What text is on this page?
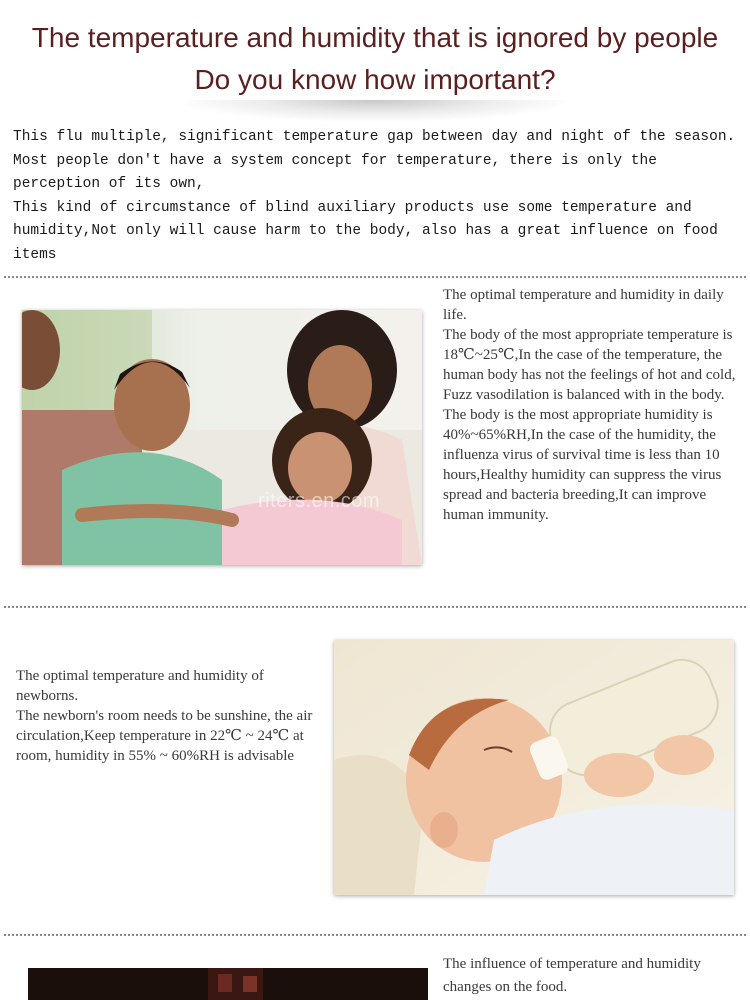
The temperature and humidity that is ignored by people
Do you know how important?

This flu multiple, significant temperature gap between day and night of the season.

Most people don't have a system concept for temperature, there is only the perception of its own,

This kind of circumstance of blind auxiliary products use some temperature and humidity,Not only will cause harm to the body, also has a great influence on food items

riters.en.com

The optimal temperature and humidity in daily life.

The body of the most appropriate temperature is 18℃~25℃,In the case of the temperature, the human body has not the feelings of hot and cold, Fuzz vasodilation is balanced with in the body.

The body is the most appropriate humidity is 40%~65%RH,In the case of the humidity, the influenza virus of survival time is less than 10 hours,Healthy humidity can suppress the virus spread and bacteria breeding,It can improve human immunity.

The optimal temperature and humidity of newborns.

The newborn's room needs to be sunshine, the air circulation,Keep temperature in 22℃ ~ 24℃ at room, humidity in 55% ~ 60%RH is advisable

The influence of temperature and humidity changes on the food.
